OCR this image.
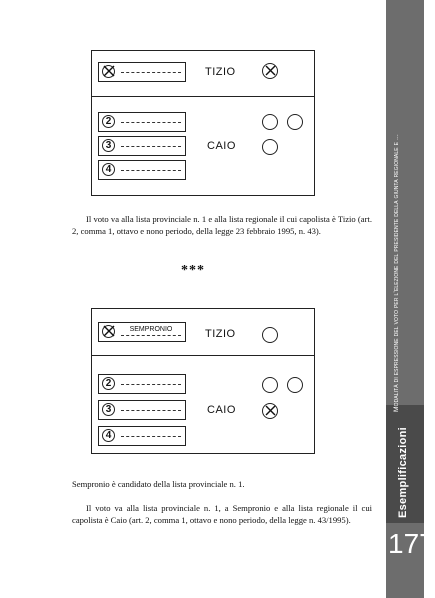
TIZIO
2
3
4
CAIO
Il voto va alla lista provinciale n. 1 e alla lista regionale il cui capolista è Tizio (art. 2, comma 1, ottavo e nono periodo, della legge 23 febbraio 1995, n. 43).
***
SEMPRONIO	TIZIO
2
3
4
CAIO
Sempronio è candidato della lista provinciale n. 1.
Il voto va alla lista provinciale n. 1, a Sempronio e alla lista regionale il cui capolista è Caio (art. 2, comma 1, ottavo e nono periodo, della legge n. 43/1995).
Modalità di espressione del voto per l’elezione del presidente della giunta regionale e ...
Esemplificazioni
177
